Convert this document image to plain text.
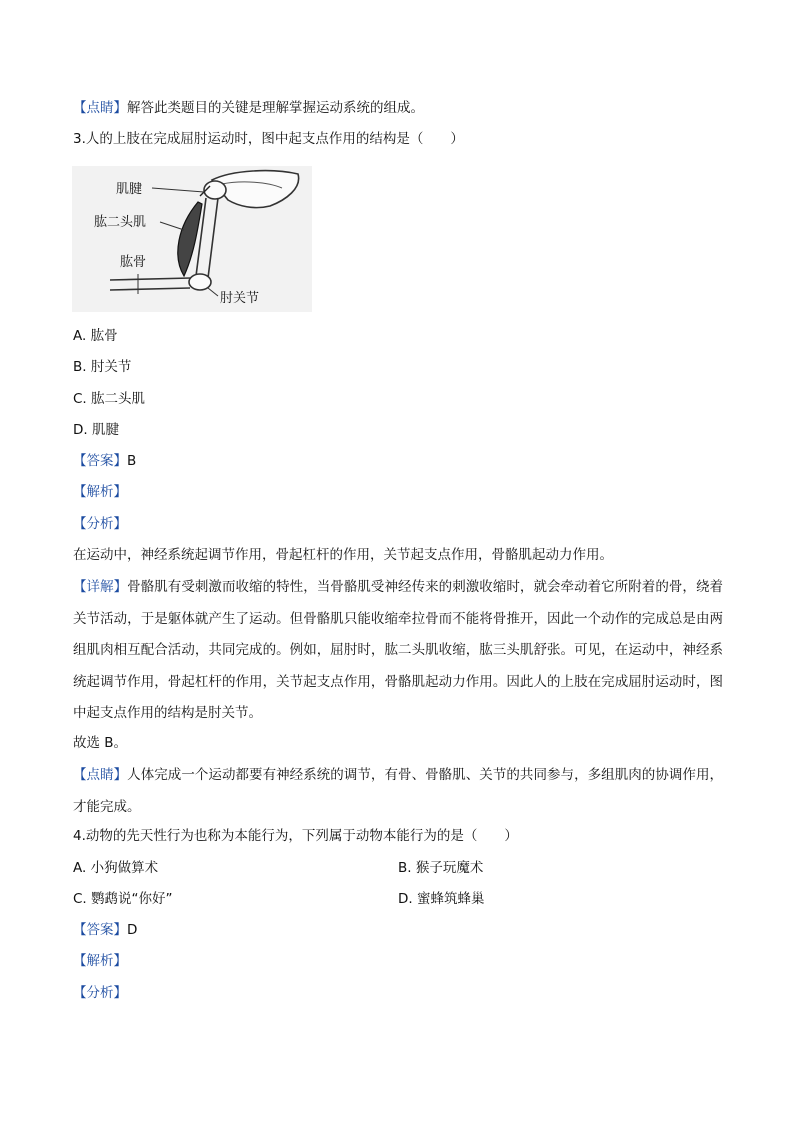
【点睛】解答此类题目的关键是理解掌握运动系统的组成。
3.人的上肢在完成屈肘运动时，图中起支点作用的结构是（　　）
肌腱
肱二头肌
肱骨
肘关节
A. 肱骨
B. 肘关节
C. 肱二头肌
D. 肌腱
【答案】B
【解析】
【分析】
在运动中，神经系统起调节作用，骨起杠杆的作用，关节起支点作用，骨骼肌起动力作用。
【详解】骨骼肌有受刺激而收缩的特性，当骨骼肌受神经传来的刺激收缩时，就会牵动着它所附着的骨，绕着关节活动，于是躯体就产生了运动。但骨骼肌只能收缩牵拉骨而不能将骨推开，因此一个动作的完成总是由两组肌肉相互配合活动，共同完成的。例如，屈肘时，肱二头肌收缩，肱三头肌舒张。可见，在运动中，神经系统起调节作用，骨起杠杆的作用，关节起支点作用，骨骼肌起动力作用。因此人的上肢在完成屈肘运动时，图中起支点作用的结构是肘关节。
故选 B。
【点睛】人体完成一个运动都要有神经系统的调节，有骨、骨骼肌、关节的共同参与，多组肌肉的协调作用，才能完成。
4.动物的先天性行为也称为本能行为，下列属于动物本能行为的是（　　）
A. 小狗做算术	B. 猴子玩魔术
C. 鹦鹉说“你好”	D. 蜜蜂筑蜂巢
【答案】D
【解析】
【分析】
